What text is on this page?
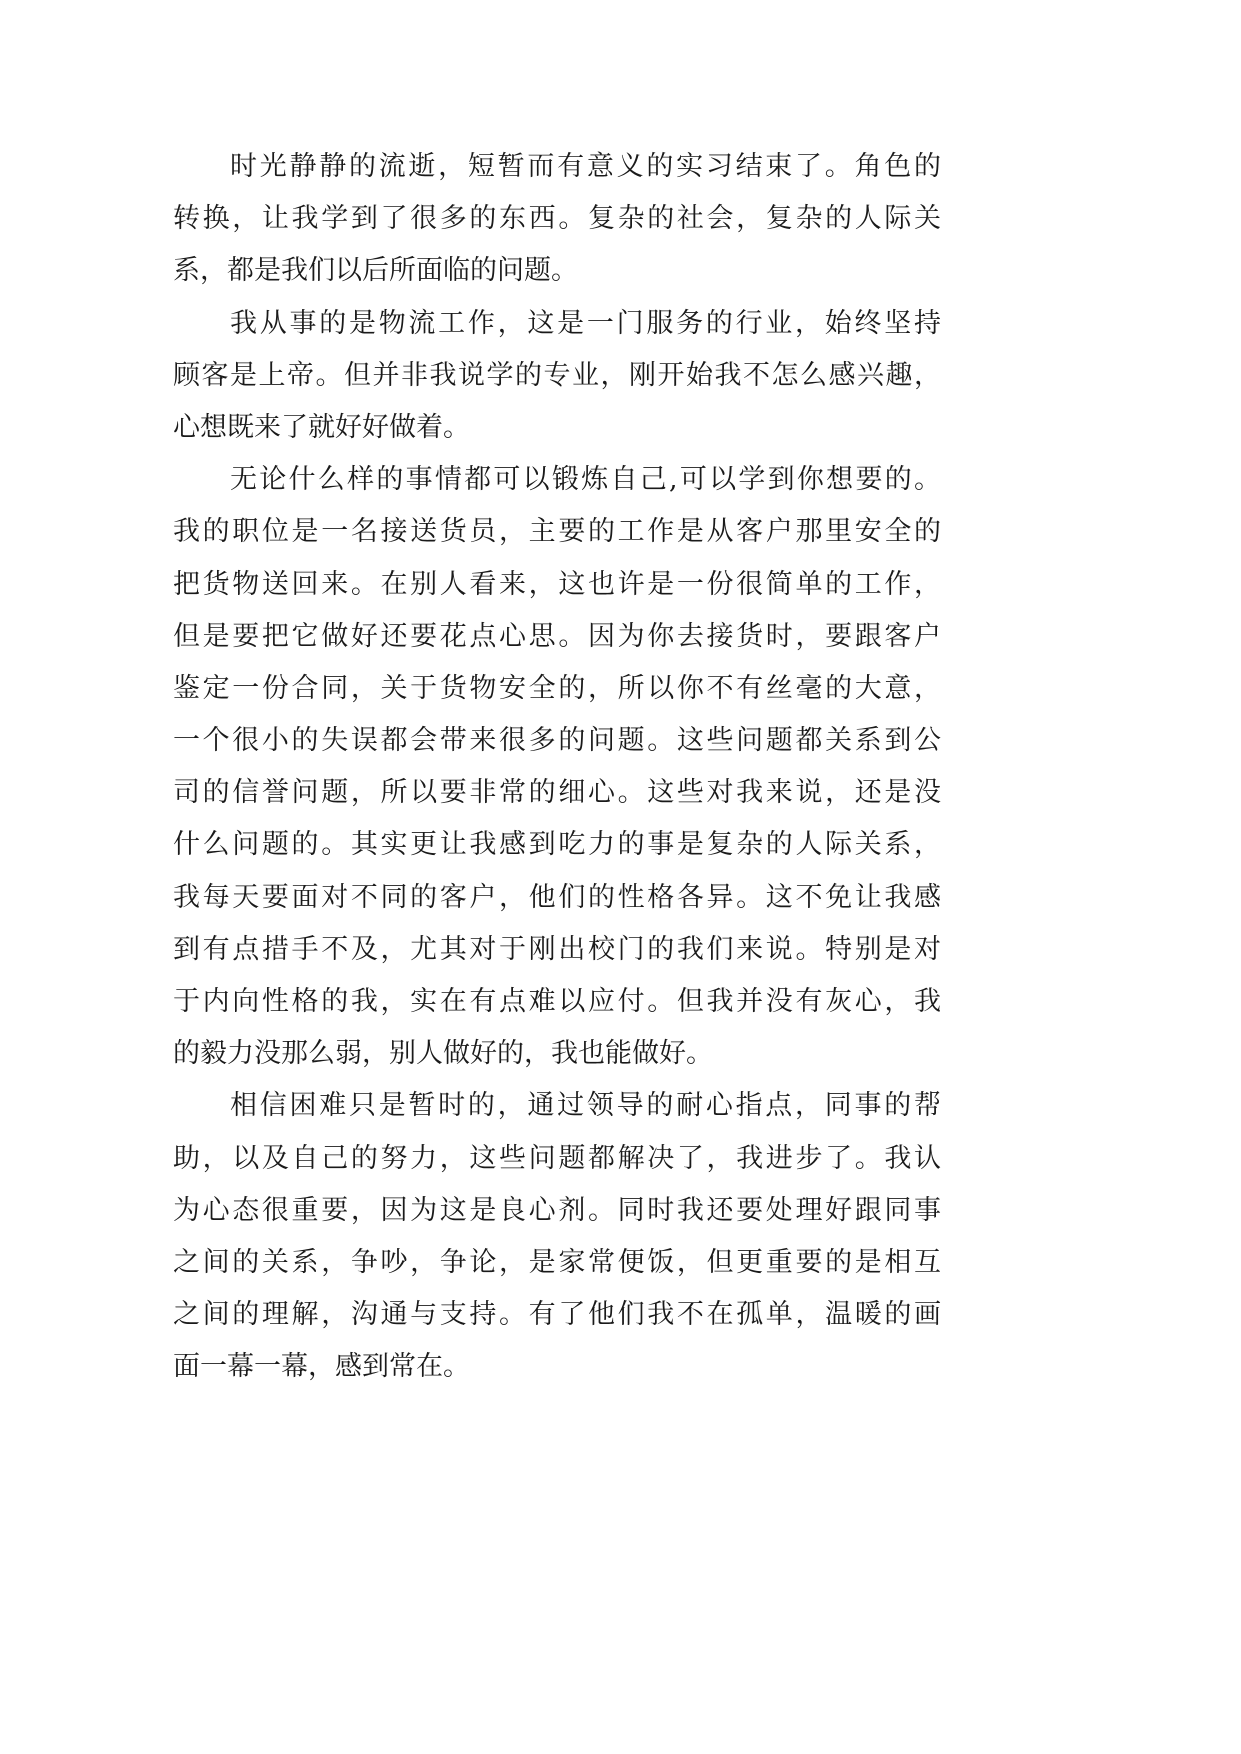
时光静静的流逝，短暂而有意义的实习结束了。角色的
转换，让我学到了很多的东西。复杂的社会，复杂的人际关
系，都是我们以后所面临的问题。
我从事的是物流工作，这是一门服务的行业，始终坚持
顾客是上帝。但并非我说学的专业，刚开始我不怎么感兴趣，
心想既来了就好好做着。
无论什么样的事情都可以锻炼自己,可以学到你想要的。
我的职位是一名接送货员，主要的工作是从客户那里安全的
把货物送回来。在别人看来，这也许是一份很简单的工作，
但是要把它做好还要花点心思。因为你去接货时，要跟客户
鉴定一份合同，关于货物安全的，所以你不有丝毫的大意，
一个很小的失误都会带来很多的问题。这些问题都关系到公
司的信誉问题，所以要非常的细心。这些对我来说，还是没
什么问题的。其实更让我感到吃力的事是复杂的人际关系，
我每天要面对不同的客户，他们的性格各异。这不免让我感
到有点措手不及，尤其对于刚出校门的我们来说。特别是对
于内向性格的我，实在有点难以应付。但我并没有灰心，我
的毅力没那么弱，别人做好的，我也能做好。
相信困难只是暂时的，通过领导的耐心指点，同事的帮
助，以及自己的努力，这些问题都解决了，我进步了。我认
为心态很重要，因为这是良心剂。同时我还要处理好跟同事
之间的关系，争吵，争论，是家常便饭，但更重要的是相互
之间的理解，沟通与支持。有了他们我不在孤单，温暖的画
面一幕一幕，感到常在。
